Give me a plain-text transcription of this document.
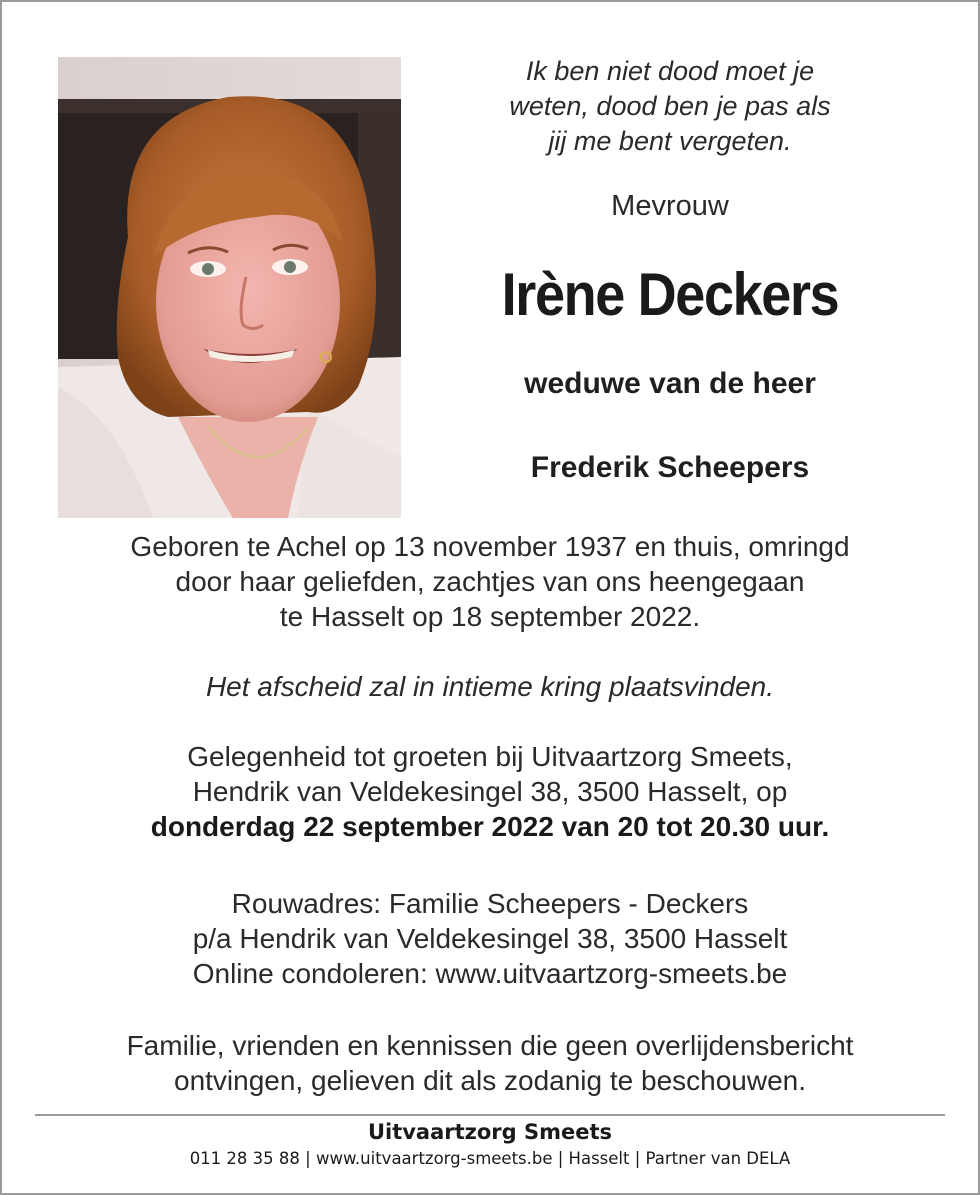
Ik ben niet dood moet je
weten, dood ben je pas als
jij me bent vergeten.
Mevrouw
Irène Deckers
weduwe van de heer
Frederik Scheepers
Geboren te Achel op 13 november 1937 en thuis, omringd
door haar geliefden, zachtjes van ons heengegaan
te Hasselt op 18 september 2022.
Het afscheid zal in intieme kring plaatsvinden.
Gelegenheid tot groeten bij Uitvaartzorg Smeets,
Hendrik van Veldekesingel 38, 3500 Hasselt, op
donderdag 22 september 2022 van 20 tot 20.30 uur.
Rouwadres: Familie Scheepers - Deckers
p/a Hendrik van Veldekesingel 38, 3500 Hasselt
Online condoleren: www.uitvaartzorg-smeets.be
Familie, vrienden en kennissen die geen overlijdensbericht
ontvingen, gelieven dit als zodanig te beschouwen.
Uitvaartzorg Smeets
011 28 35 88 | www.uitvaartzorg-smeets.be | Hasselt | Partner van DELA
